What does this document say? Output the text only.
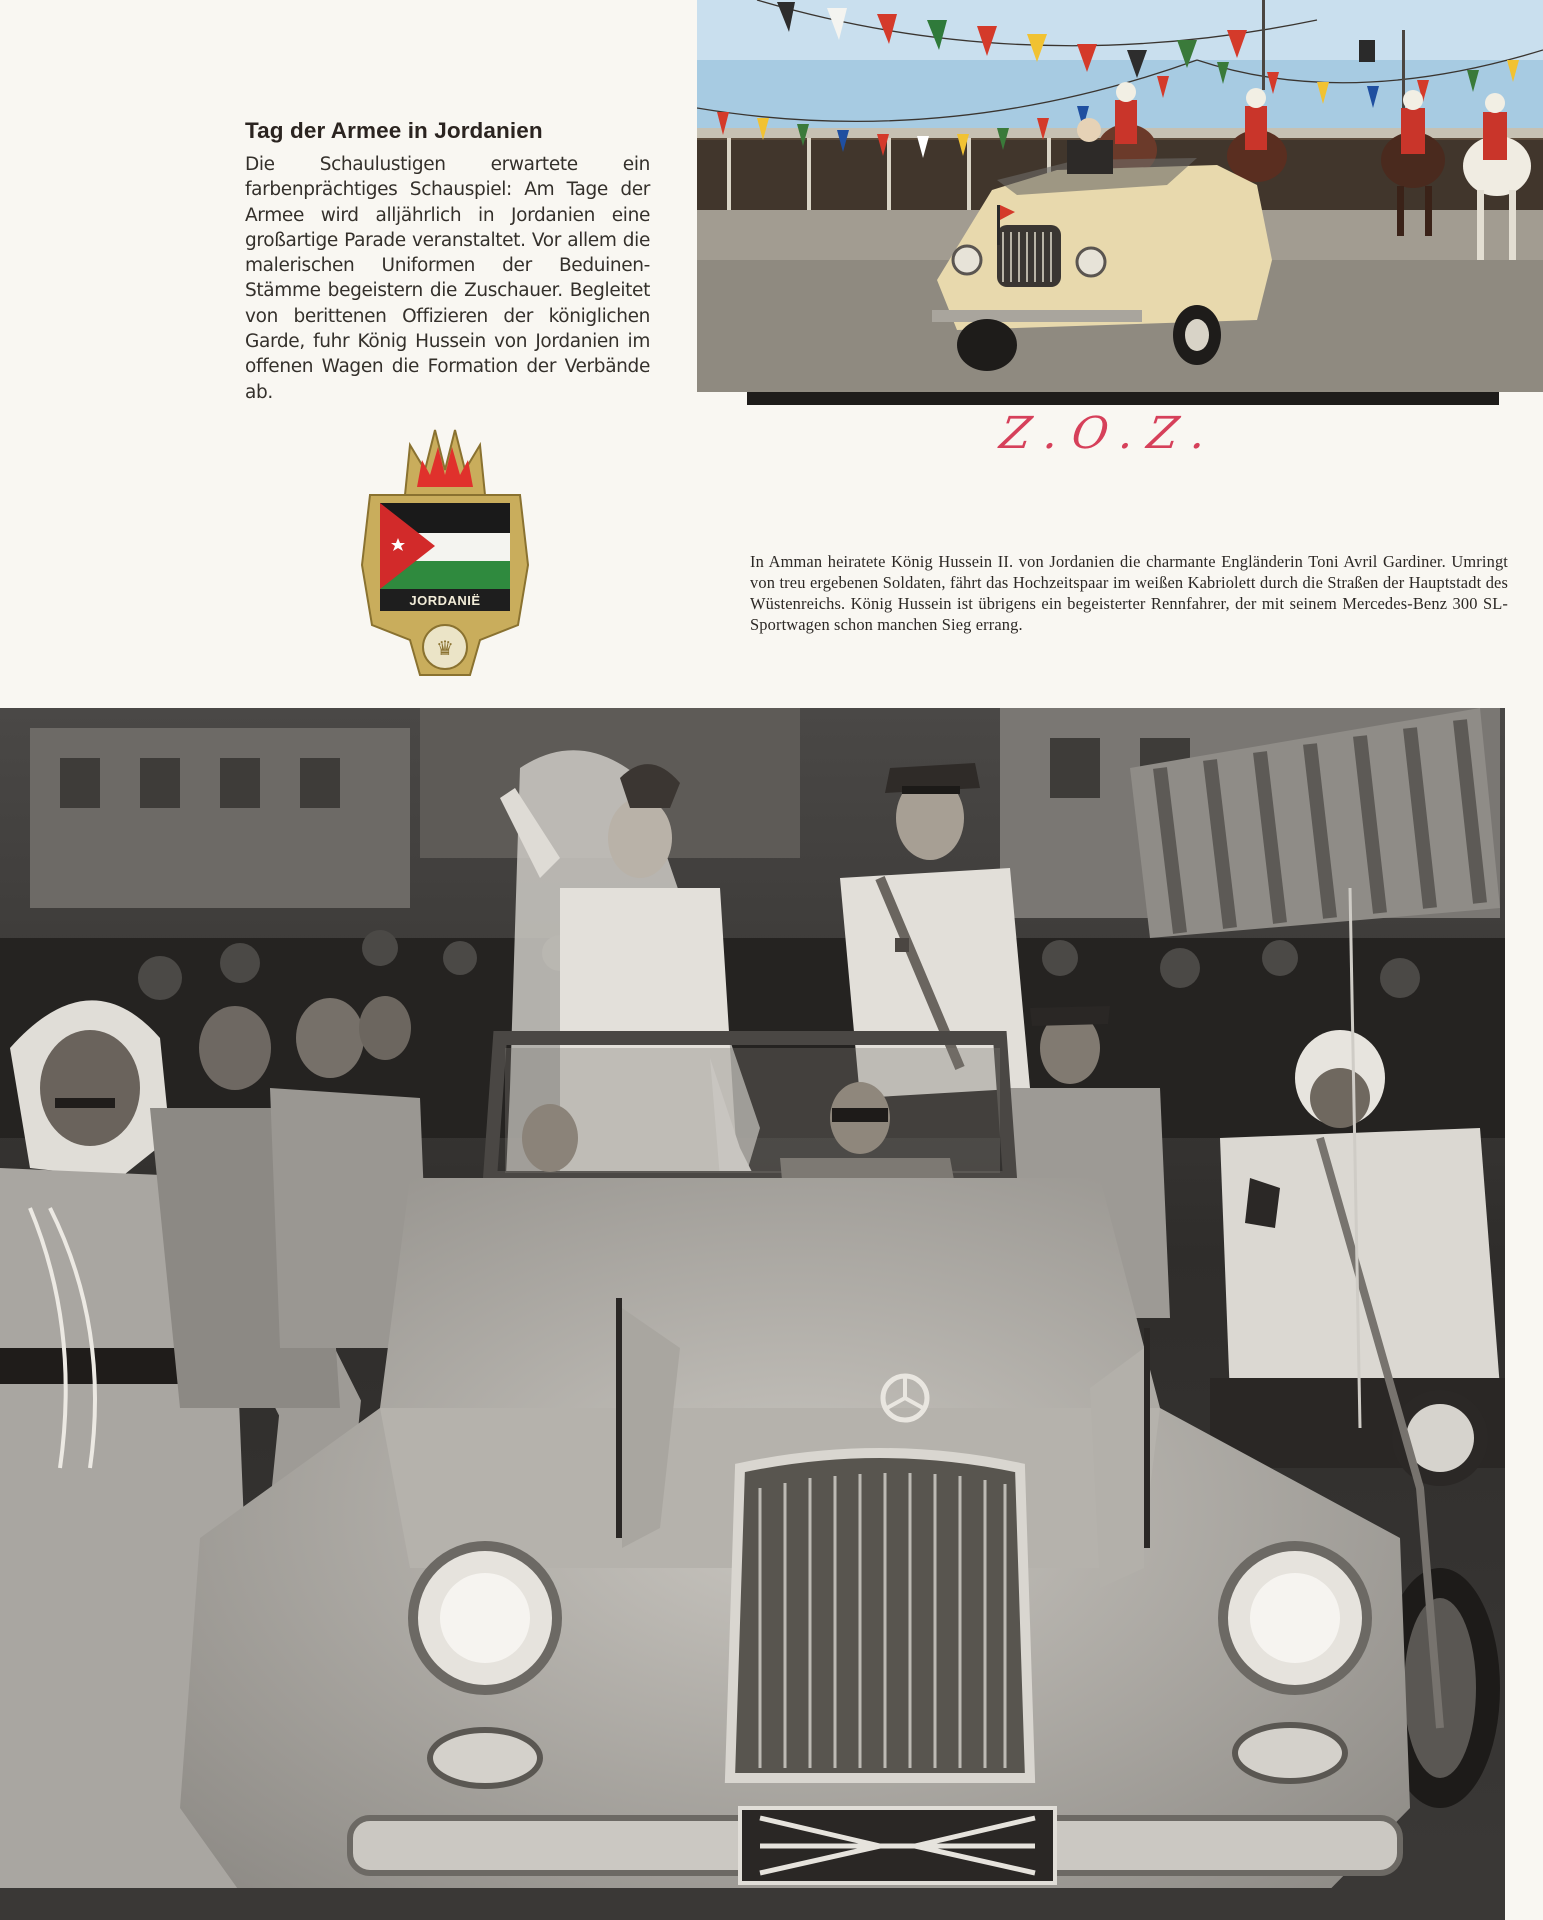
Tag der Armee in Jordanien

Die Schaulustigen erwartete ein farbenprächtiges Schauspiel: Am Tage der Armee wird alljährlich in Jordanien eine großartige Parade veranstaltet. Vor allem die malerischen Uniformen der Beduinen-Stämme begeistern die Zuschauer. Begleitet von berittenen Offizieren der königlichen Garde, fuhr König Hussein von Jordanien im offenen Wagen die Formation der Verbände ab.

Z.O.Z.
JORDANIË
♛
In Amman heiratete König Hussein II. von Jordanien die charmante Engländerin Toni Avril Gardiner. Umringt von treu ergebenen Soldaten, fährt das Hochzeitspaar im weißen Kabriolett durch die Straßen der Hauptstadt des Wüstenreichs. König Hussein ist übrigens ein begeisterter Rennfahrer, der mit seinem Mercedes-Benz 300 SL-Sportwagen schon manchen Sieg errang.
